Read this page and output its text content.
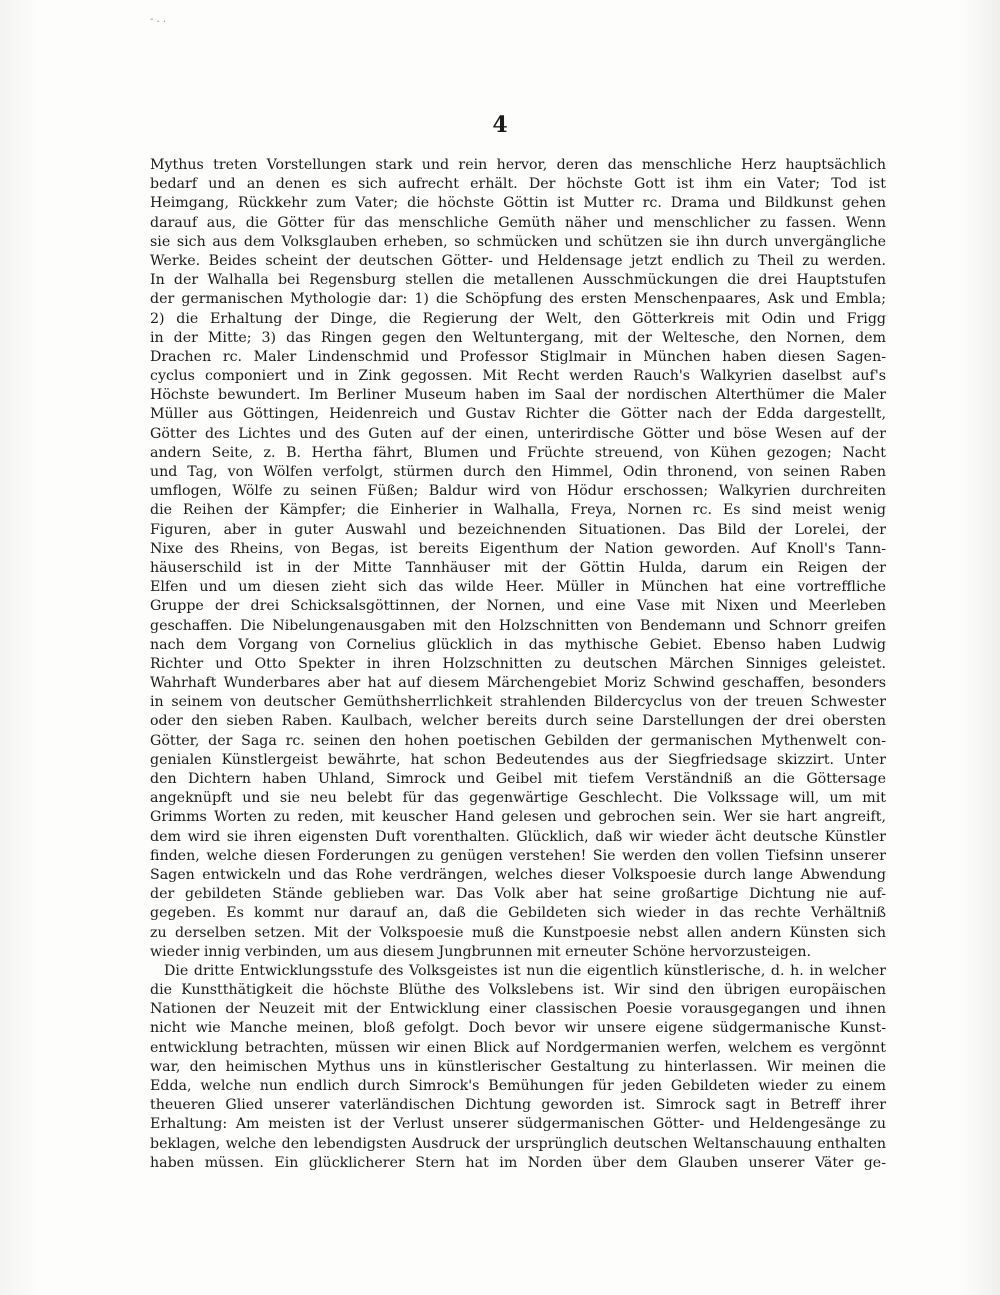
- . .
4
Mythus treten Vorstellungen stark und rein hervor, deren das menschliche Herz hauptsächlich
bedarf und an denen es sich aufrecht erhält. Der höchste Gott ist ihm ein Vater; Tod ist
Heimgang, Rückkehr zum Vater; die höchste Göttin ist Mutter rc. Drama und Bildkunst gehen
darauf aus, die Götter für das menschliche Gemüth näher und menschlicher zu fassen. Wenn
sie sich aus dem Volksglauben erheben, so schmücken und schützen sie ihn durch unvergängliche
Werke. Beides scheint der deutschen Götter- und Heldensage jetzt endlich zu Theil zu werden.
In der Walhalla bei Regensburg stellen die metallenen Ausschmückungen die drei Hauptstufen
der germanischen Mythologie dar: 1) die Schöpfung des ersten Menschenpaares, Ask und Embla;
2) die Erhaltung der Dinge, die Regierung der Welt, den Götterkreis mit Odin und Frigg
in der Mitte; 3) das Ringen gegen den Weltuntergang, mit der Weltesche, den Nornen, dem
Drachen rc. Maler Lindenschmid und Professor Stiglmair in München haben diesen Sagen-
cyclus componiert und in Zink gegossen. Mit Recht werden Rauch's Walkyrien daselbst auf's
Höchste bewundert. Im Berliner Museum haben im Saal der nordischen Alterthümer die Maler
Müller aus Göttingen, Heidenreich und Gustav Richter die Götter nach der Edda dargestellt,
Götter des Lichtes und des Guten auf der einen, unterirdische Götter und böse Wesen auf der
andern Seite, z. B. Hertha fährt, Blumen und Früchte streuend, von Kühen gezogen; Nacht
und Tag, von Wölfen verfolgt, stürmen durch den Himmel, Odin thronend, von seinen Raben
umflogen, Wölfe zu seinen Füßen; Baldur wird von Hödur erschossen; Walkyrien durchreiten
die Reihen der Kämpfer; die Einherier in Walhalla, Freya, Nornen rc. Es sind meist wenig
Figuren, aber in guter Auswahl und bezeichnenden Situationen. Das Bild der Lorelei, der
Nixe des Rheins, von Begas, ist bereits Eigenthum der Nation geworden. Auf Knoll's Tann-
häuserschild ist in der Mitte Tannhäuser mit der Göttin Hulda, darum ein Reigen der
Elfen und um diesen zieht sich das wilde Heer. Müller in München hat eine vortreffliche
Gruppe der drei Schicksalsgöttinnen, der Nornen, und eine Vase mit Nixen und Meerleben
geschaffen. Die Nibelungenausgaben mit den Holzschnitten von Bendemann und Schnorr greifen
nach dem Vorgang von Cornelius glücklich in das mythische Gebiet. Ebenso haben Ludwig
Richter und Otto Spekter in ihren Holzschnitten zu deutschen Märchen Sinniges geleistet.
Wahrhaft Wunderbares aber hat auf diesem Märchengebiet Moriz Schwind geschaffen, besonders
in seinem von deutscher Gemüthsherrlichkeit strahlenden Bildercyclus von der treuen Schwester
oder den sieben Raben. Kaulbach, welcher bereits durch seine Darstellungen der drei obersten
Götter, der Saga rc. seinen den hohen poetischen Gebilden der germanischen Mythenwelt con-
genialen Künstlergeist bewährte, hat schon Bedeutendes aus der Siegfriedsage skizzirt. Unter
den Dichtern haben Uhland, Simrock und Geibel mit tiefem Verständniß an die Göttersage
angeknüpft und sie neu belebt für das gegenwärtige Geschlecht. Die Volkssage will, um mit
Grimms Worten zu reden, mit keuscher Hand gelesen und gebrochen sein. Wer sie hart angreift,
dem wird sie ihren eigensten Duft vorenthalten. Glücklich, daß wir wieder ächt deutsche Künstler
finden, welche diesen Forderungen zu genügen verstehen! Sie werden den vollen Tiefsinn unserer
Sagen entwickeln und das Rohe verdrängen, welches dieser Volkspoesie durch lange Abwendung
der gebildeten Stände geblieben war. Das Volk aber hat seine großartige Dichtung nie auf-
gegeben. Es kommt nur darauf an, daß die Gebildeten sich wieder in das rechte Verhältniß
zu derselben setzen. Mit der Volkspoesie muß die Kunstpoesie nebst allen andern Künsten sich
wieder innig verbinden, um aus diesem Jungbrunnen mit erneuter Schöne hervorzusteigen.
Die dritte Entwicklungsstufe des Volksgeistes ist nun die eigentlich künstlerische, d. h. in welcher
die Kunstthätigkeit die höchste Blüthe des Volkslebens ist. Wir sind den übrigen europäischen
Nationen der Neuzeit mit der Entwicklung einer classischen Poesie vorausgegangen und ihnen
nicht wie Manche meinen, bloß gefolgt. Doch bevor wir unsere eigene südgermanische Kunst-
entwicklung betrachten, müssen wir einen Blick auf Nordgermanien werfen, welchem es vergönnt
war, den heimischen Mythus uns in künstlerischer Gestaltung zu hinterlassen. Wir meinen die
Edda, welche nun endlich durch Simrock's Bemühungen für jeden Gebildeten wieder zu einem
theueren Glied unserer vaterländischen Dichtung geworden ist. Simrock sagt in Betreff ihrer
Erhaltung: Am meisten ist der Verlust unserer südgermanischen Götter- und Heldengesänge zu
beklagen, welche den lebendigsten Ausdruck der ursprünglich deutschen Weltanschauung enthalten
haben müssen. Ein glücklicherer Stern hat im Norden über dem Glauben unserer Väter ge-
